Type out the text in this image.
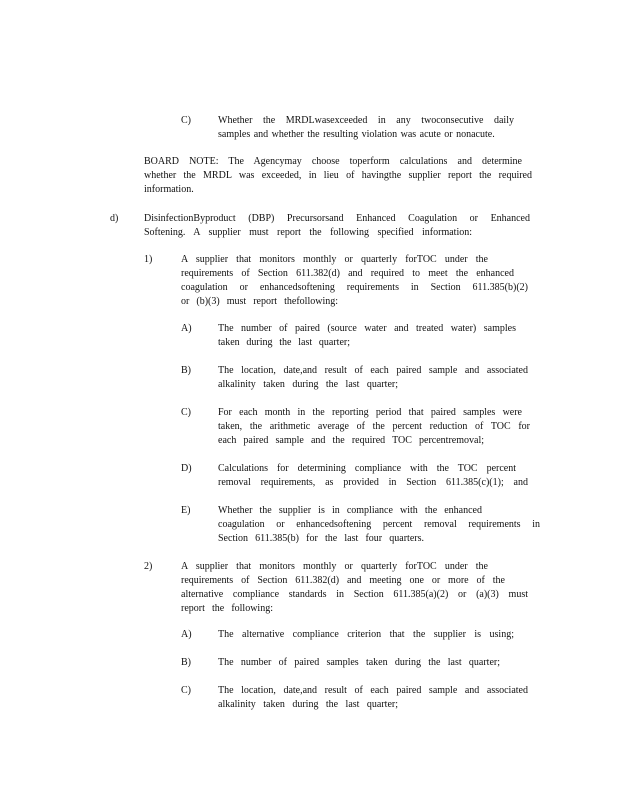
C)	Whether the MRDLwasexceeded in any twoconsecutive daily
samples and whether the resulting violation was acute or nonacute.
BOARD NOTE: The Agencymay choose toperform calculations and determine
whether the MRDL was exceeded, in lieu of havingthe supplier report the required
information.
d)	DisinfectionByproduct (DBP) Precursorsand Enhanced Coagulation or Enhanced
Softening. A supplier must report the following specified information:
1)	A supplier that monitors monthly or quarterly forTOC under the
requirements of Section 611.382(d) and required to meet the enhanced
coagulation or enhancedsoftening requirements in Section 611.385(b)(2)
or (b)(3) must report thefollowing:
A)	The number of paired (source water and treated water) samples
taken during the last quarter;
B)	The location, date,and result of each paired sample and associated
alkalinity taken during the last quarter;
C)	For each month in the reporting period that paired samples were
taken, the arithmetic average of the percent reduction of TOC for
each paired sample and the required TOC percentremoval;
D)	Calculations for determining compliance with the TOC percent
removal requirements, as provided in Section 611.385(c)(1); and
E)	Whether the supplier is in compliance with the enhanced
coagulation or enhancedsoftening percent removal requirements in
Section 611.385(b) for the last four quarters.
2)	A supplier that monitors monthly or quarterly forTOC under the
requirements of Section 611.382(d) and meeting one or more of the
alternative compliance standards in Section 611.385(a)(2) or (a)(3) must
report the following:
A)	The alternative compliance criterion that the supplier is using;
B)	The number of paired samples taken during the last quarter;
C)	The location, date,and result of each paired sample and associated
alkalinity taken during the last quarter;
